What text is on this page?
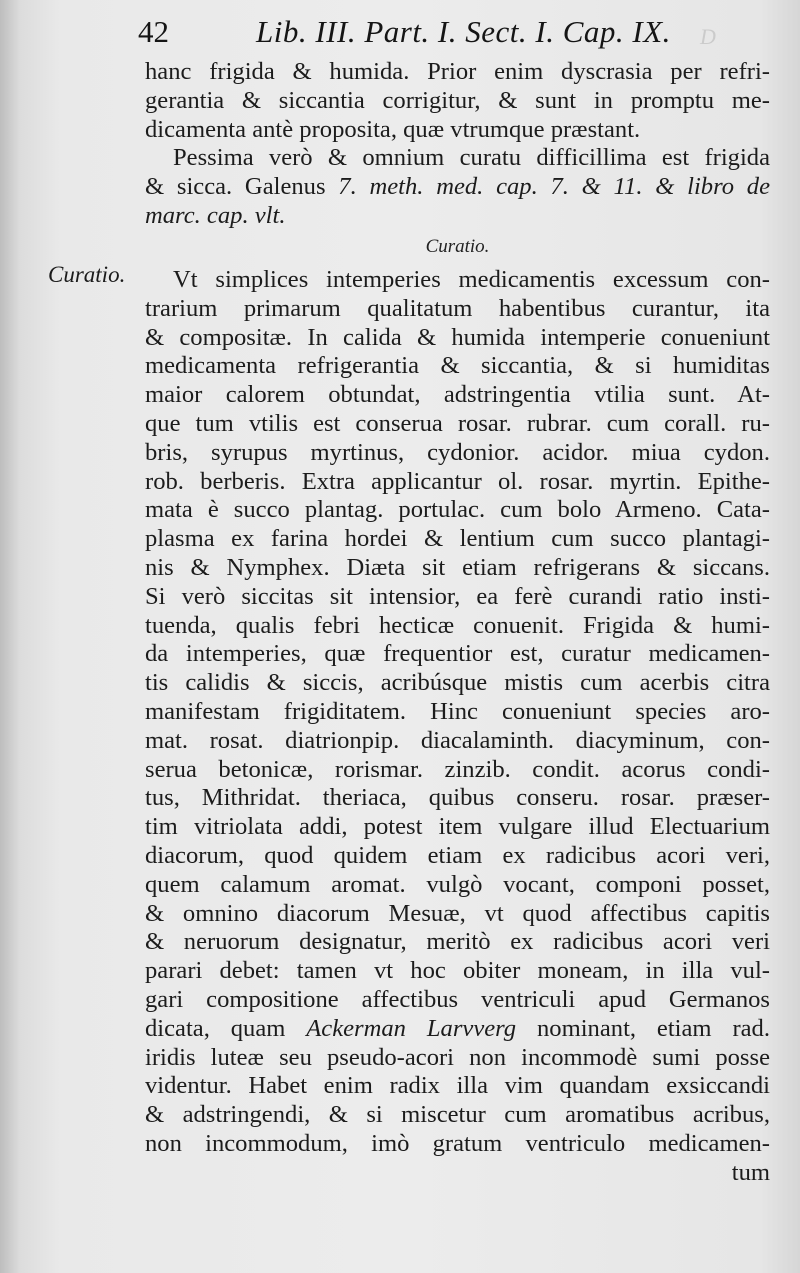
D
42	Lib. III. Part. I. Sect. I. Cap. IX.
hanc frigida & humida. Prior enim dyscrasia per refri-
gerantia & siccantia corrigitur, & sunt in promptu me-
dicamenta antè proposita, quæ vtrumque præstant.
Pessima verò & omnium curatu difficillima est frigida
& sicca. Galenus 7. meth. med. cap. 7. & 11. & libro de
marc. cap. vlt.
Curatio.
Curatio.	Vt simplices intemperies medicamentis excessum con-
trarium primarum qualitatum habentibus curantur, ita
& compositæ. In calida & humida intemperie conueniunt
medicamenta refrigerantia & siccantia, & si humiditas
maior calorem obtundat, adstringentia vtilia sunt. At-
que tum vtilis est conserua rosar. rubrar. cum corall. ru-
bris, syrupus myrtinus, cydonior. acidor. miua cydon.
rob. berberis. Extra applicantur ol. rosar. myrtin. Epithe-
mata è succo plantag. portulac. cum bolo Armeno. Cata-
plasma ex farina hordei & lentium cum succo plantagi-
nis & Nymphex. Diæta sit etiam refrigerans & siccans.
Si verò siccitas sit intensior, ea ferè curandi ratio insti-
tuenda, qualis febri hecticæ conuenit. Frigida & humi-
da intemperies, quæ frequentior est, curatur medicamen-
tis calidis & siccis, acribúsque mistis cum acerbis citra
manifestam frigiditatem. Hinc conueniunt species aro-
mat. rosat. diatrionpip. diacalaminth. diacyminum, con-
serua betonicæ, rorismar. zinzib. condit. acorus condi-
tus, Mithridat. theriaca, quibus conseru. rosar. præser-
tim vitriolata addi, potest item vulgare illud Electuarium
diacorum, quod quidem etiam ex radicibus acori veri,
quem calamum aromat. vulgò vocant, componi posset,
& omnino diacorum Mesuæ, vt quod affectibus capitis
& neruorum designatur, meritò ex radicibus acori veri
parari debet: tamen vt hoc obiter moneam, in illa vul-
gari compositione affectibus ventriculi apud Germanos
dicata, quam Ackerman Larvverg nominant, etiam rad.
iridis luteæ seu pseudo-acori non incommodè sumi posse
videntur. Habet enim radix illa vim quandam exsiccandi
& adstringendi, & si miscetur cum aromatibus acribus,
non incommodum, imò gratum ventriculo medicamen-
tum
